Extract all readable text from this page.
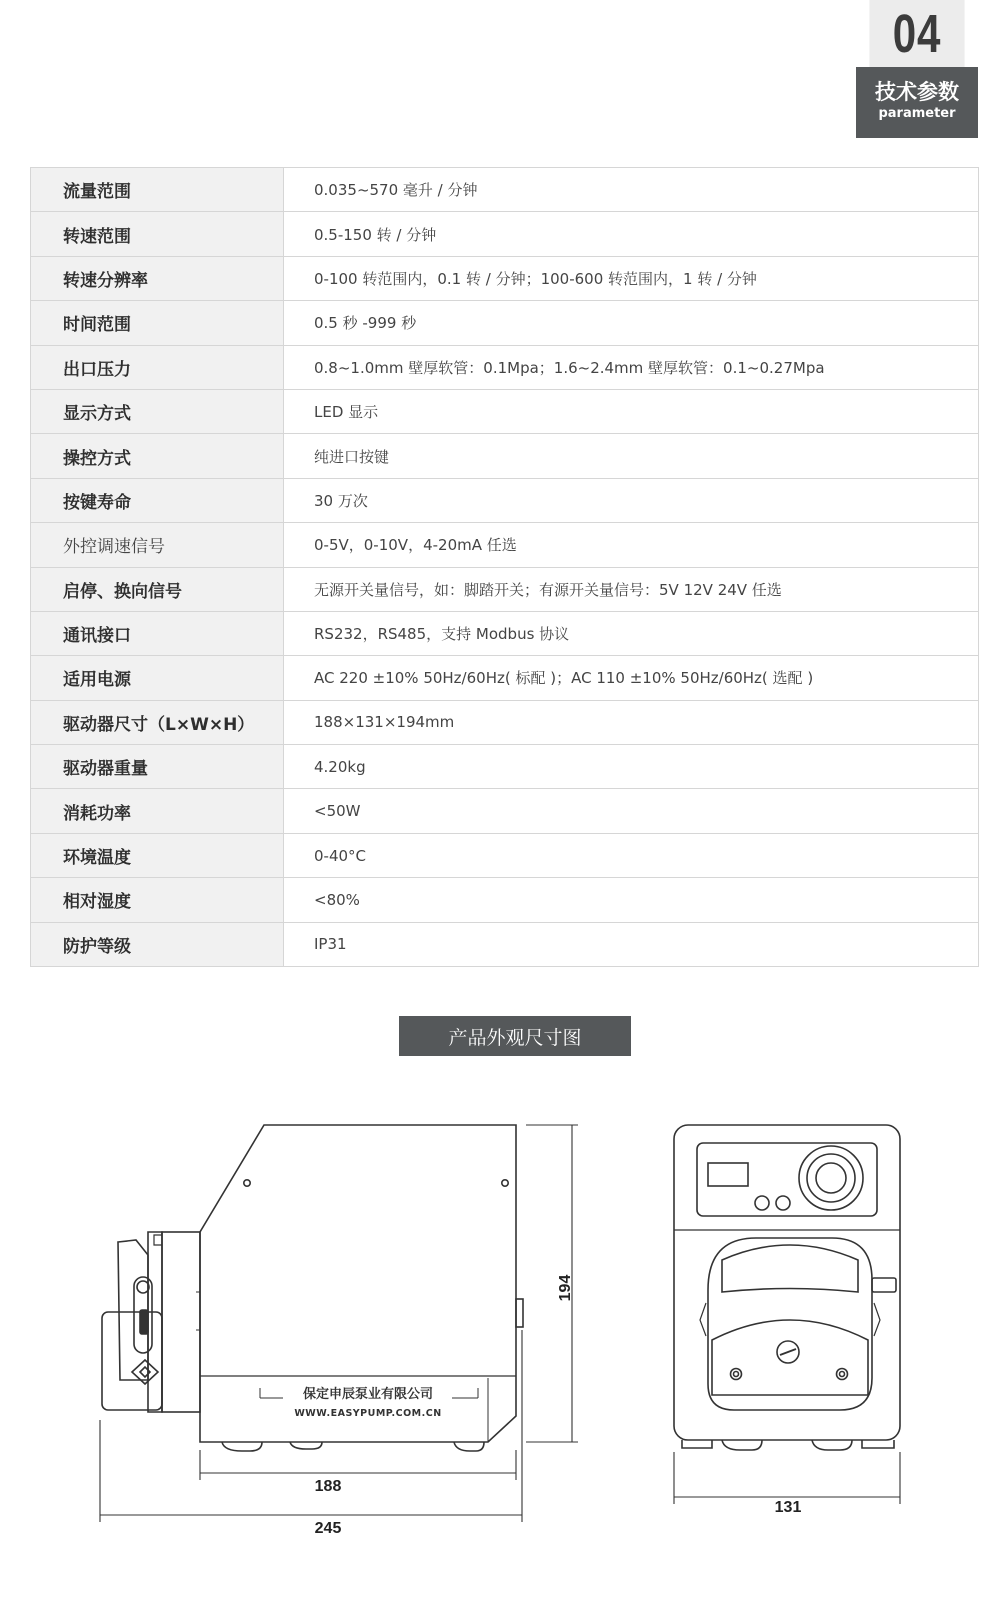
04
技术参数
parameter
流量范围	0.035~570 毫升 / 分钟
转速范围	0.5-150 转 / 分钟
转速分辨率	0-100 转范围内，0.1 转 / 分钟；100-600 转范围内，1 转 / 分钟
时间范围	0.5 秒 -999 秒
出口压力	0.8~1.0mm 壁厚软管：0.1Mpa；1.6~2.4mm 壁厚软管：0.1~0.27Mpa
显示方式	LED 显示
操控方式	纯进口按键
按键寿命	30 万次
外控调速信号	0-5V，0-10V，4-20mA 任选
启停、换向信号	无源开关量信号，如：脚踏开关；有源开关量信号：5V 12V 24V 任选
通讯接口	RS232，RS485，支持 Modbus 协议
适用电源	AC 220 ±10% 50Hz/60Hz( 标配 )；AC 110 ±10% 50Hz/60Hz( 选配 )
驱动器尺寸（L×W×H）	188×131×194mm
驱动器重量	4.20kg
消耗功率	<50W
环境温度	0-40°C
相对湿度	<80%
防护等级	IP31
产品外观尺寸图
保定申辰泵业有限公司
WWW.EASYPUMP.COM.CN
194
188
245
131
